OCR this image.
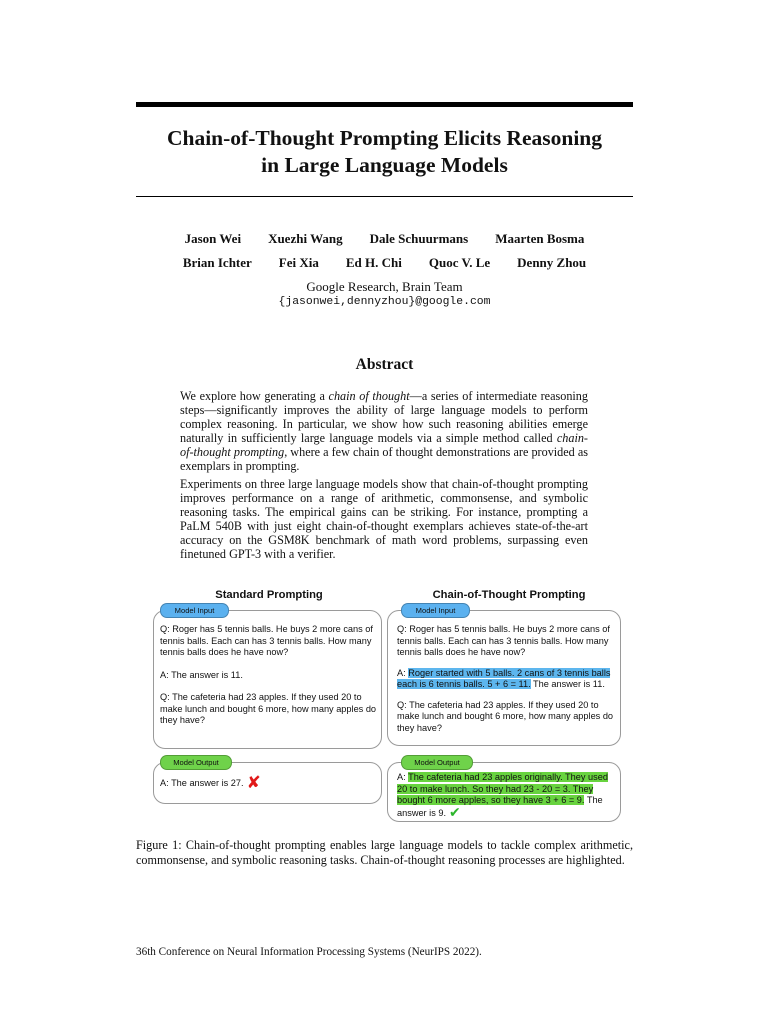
Chain-of-Thought Prompting Elicits Reasoning
in Large Language Models
Jason Wei Xuezhi Wang Dale Schuurmans Maarten Bosma
Brian Ichter Fei Xia Ed H. Chi Quoc V. Le Denny Zhou
Google Research, Brain Team
{jasonwei,dennyzhou}@google.com
Abstract

We explore how generating a chain of thought—a series of intermediate reasoning steps—significantly improves the ability of large language models to perform complex reasoning. In particular, we show how such reasoning abilities emerge naturally in sufficiently large language models via a simple method called chain-of-thought prompting, where a few chain of thought demonstrations are provided as exemplars in prompting.

Experiments on three large language models show that chain-of-thought prompting improves performance on a range of arithmetic, commonsense, and symbolic reasoning tasks. The empirical gains can be striking. For instance, prompting a PaLM 540B with just eight chain-of-thought exemplars achieves state-of-the-art accuracy on the GSM8K benchmark of math word problems, surpassing even finetuned GPT-3 with a verifier.

Standard Prompting	Chain-of-Thought Prompting
Model Input

Q: Roger has 5 tennis balls. He buys 2 more cans of tennis balls. Each can has 3 tennis balls. How many tennis balls does he have now?

A: The answer is 11.

Q: The cafeteria had 23 apples. If they used 20 to make lunch and bought 6 more, how many apples do they have?

Model Output
A: The answer is 27. ✘
Model Input

Q: Roger has 5 tennis balls. He buys 2 more cans of tennis balls. Each can has 3 tennis balls. How many tennis balls does he have now?

A: Roger started with 5 balls. 2 cans of 3 tennis balls each is 6 tennis balls. 5 + 6 = 11. The answer is 11.

Q: The cafeteria had 23 apples. If they used 20 to make lunch and bought 6 more, how many apples do they have?

Model Output
A: The cafeteria had 23 apples originally. They used 20 to make lunch. So they had 23 - 20 = 3. They bought 6 more apples, so they have 3 + 6 = 9. The answer is 9. ✔

Figure 1: Chain-of-thought prompting enables large language models to tackle complex arithmetic, commonsense, and symbolic reasoning tasks. Chain-of-thought reasoning processes are highlighted.

36th Conference on Neural Information Processing Systems (NeurIPS 2022).
